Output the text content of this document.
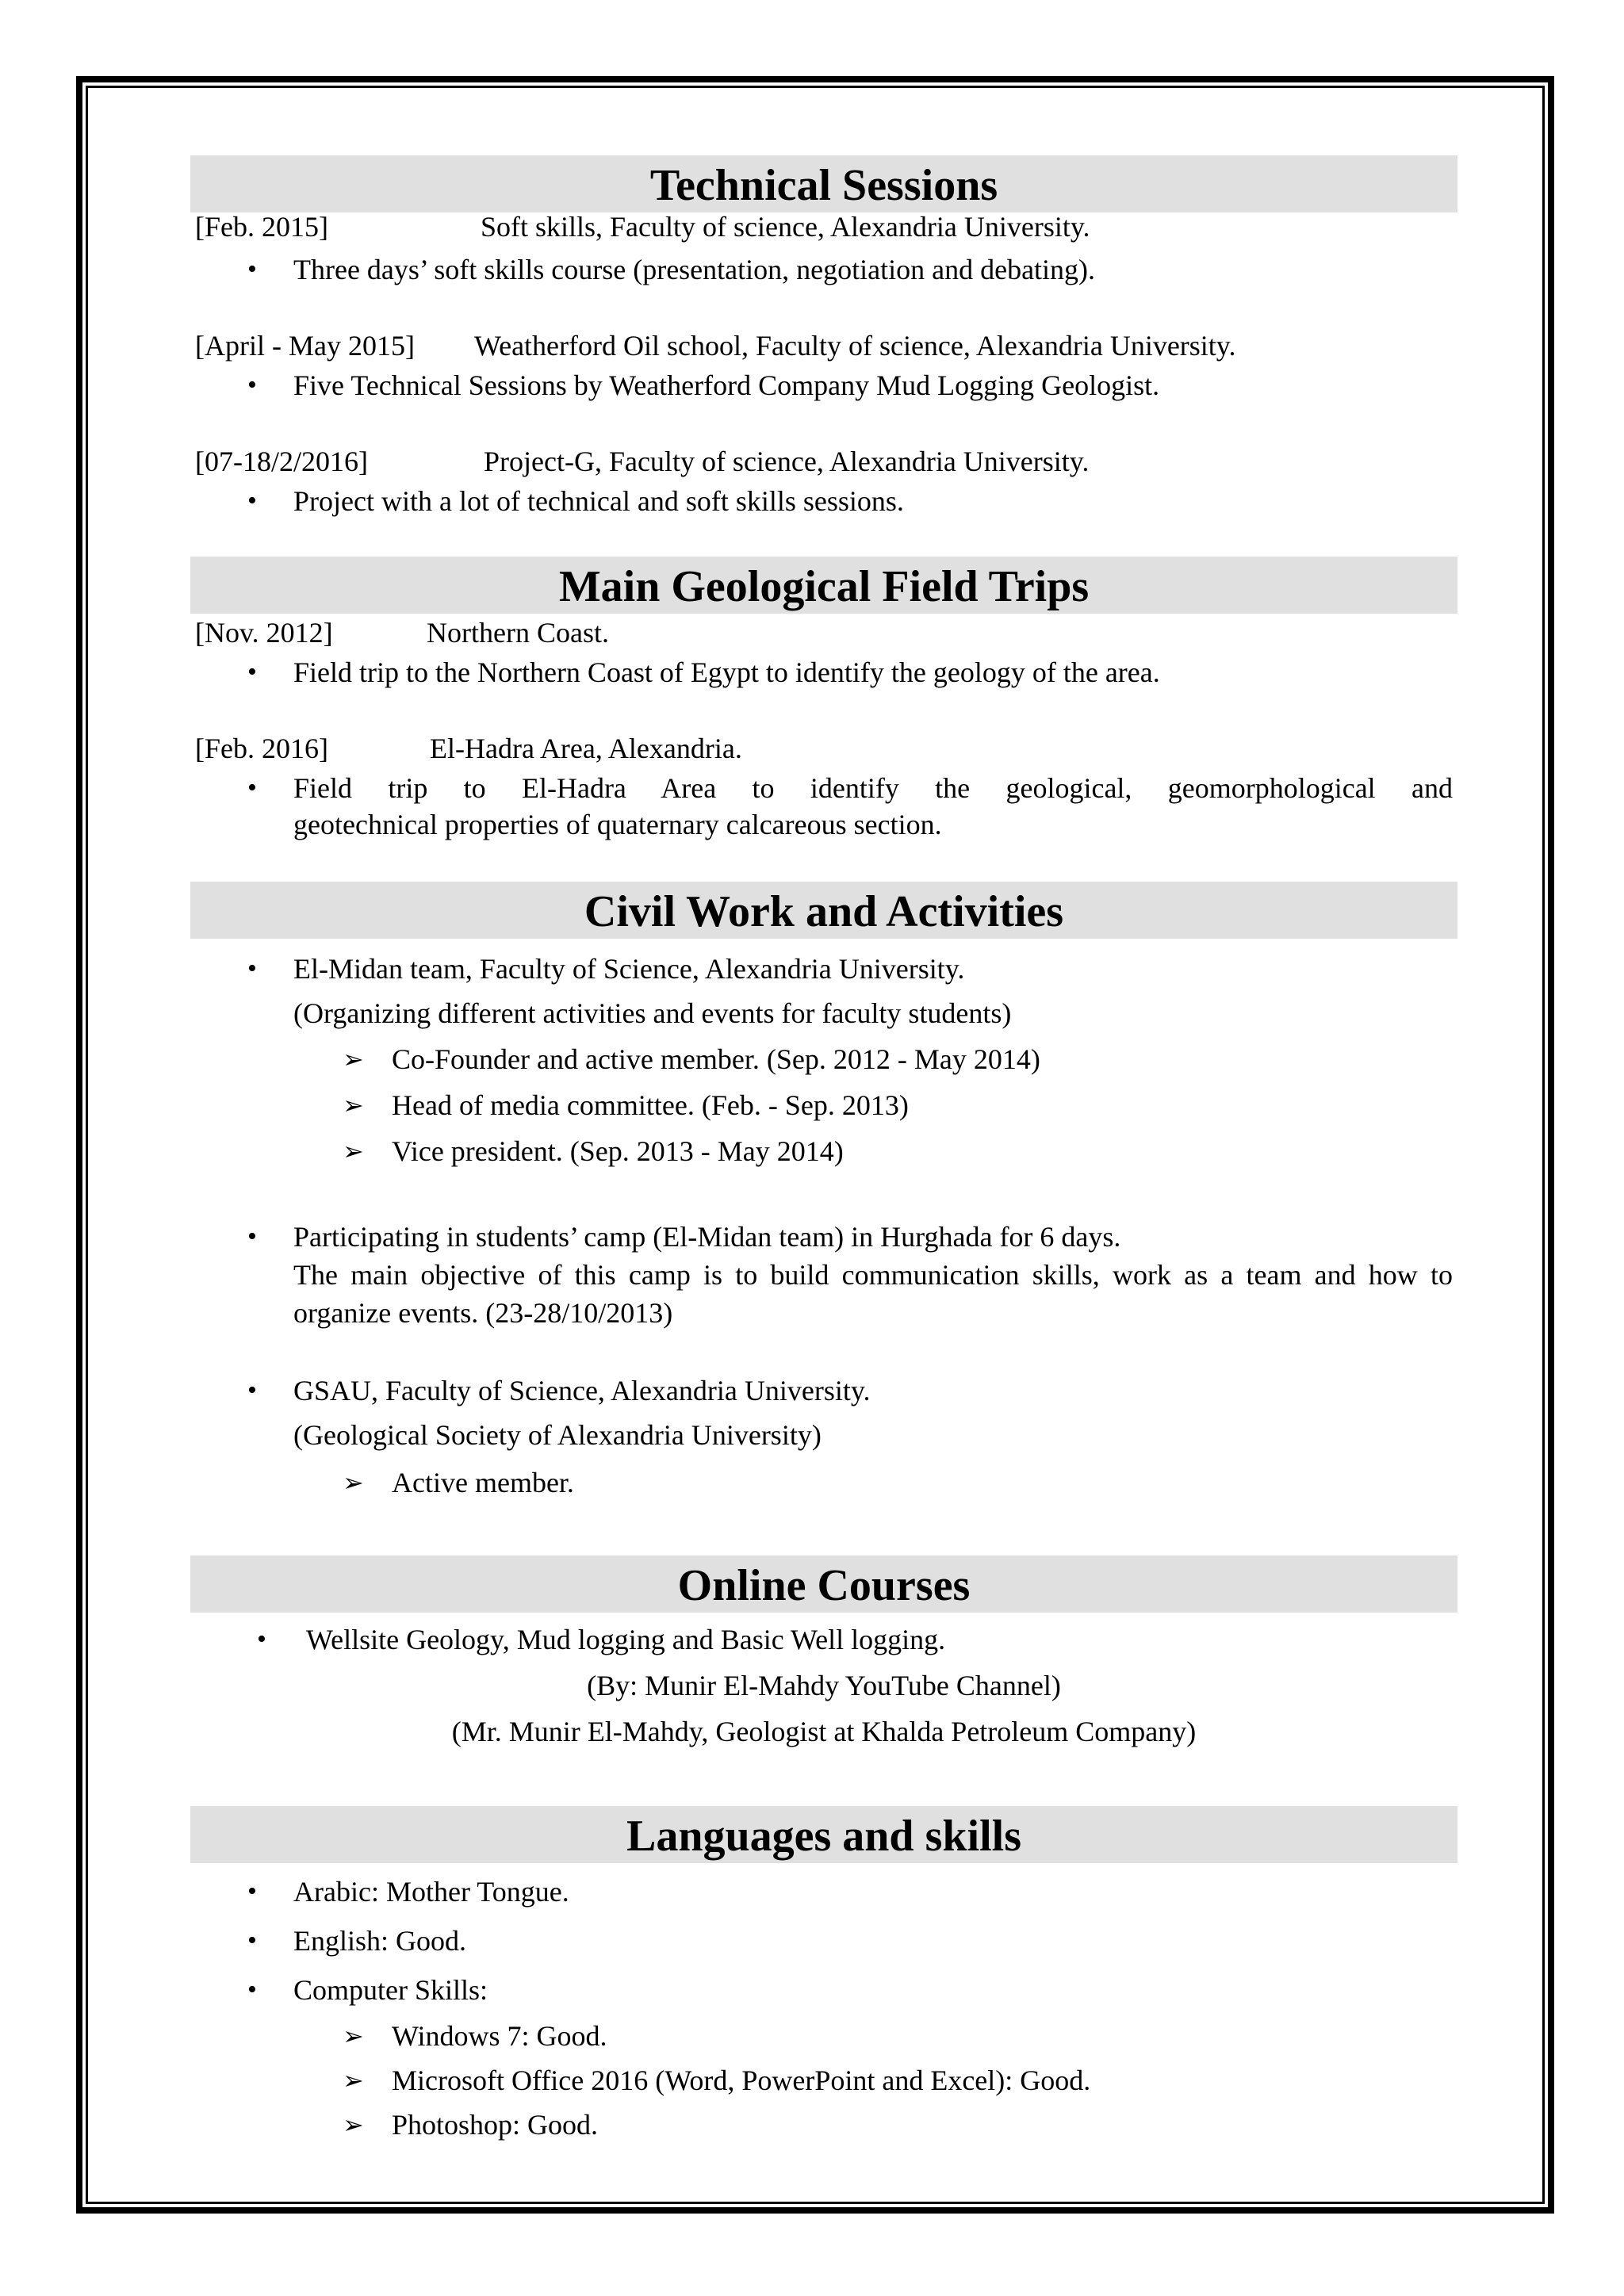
Technical Sessions
[Feb. 2015]	Soft skills, Faculty of science, Alexandria University.
• Three days’ soft skills course (presentation, negotiation and debating).
[April - May 2015] Weatherford Oil school, Faculty of science, Alexandria University.
• Five Technical Sessions by Weatherford Company Mud Logging Geologist.
[07-18/2/2016]	Project-G, Faculty of science, Alexandria University.
• Project with a lot of technical and soft skills sessions.
Main Geological Field Trips
[Nov. 2012]	Northern Coast.
• Field trip to the Northern Coast of Egypt to identify the geology of the area.
[Feb. 2016]	El-Hadra Area, Alexandria.
• Field trip to El-Hadra Area to identify the geological, geomorphological and
geotechnical properties of quaternary calcareous section.
Civil Work and Activities
• El-Midan team, Faculty of Science, Alexandria University.
(Organizing different activities and events for faculty students)
➢ Co-Founder and active member. (Sep. 2012 - May 2014)
➢ Head of media committee. (Feb. - Sep. 2013)
➢ Vice president. (Sep. 2013 - May 2014)
• Participating in students’ camp (El-Midan team) in Hurghada for 6 days.
The main objective of this camp is to build communication skills, work as a team and how to
organize events. (23-28/10/2013)
• GSAU, Faculty of Science, Alexandria University.
(Geological Society of Alexandria University)
➢ Active member.
Online Courses
• Wellsite Geology, Mud logging and Basic Well logging.
(By: Munir El-Mahdy YouTube Channel)
(Mr. Munir El-Mahdy, Geologist at Khalda Petroleum Company)
Languages and skills
• Arabic: Mother Tongue.
• English: Good.
• Computer Skills:
➢ Windows 7: Good.
➢ Microsoft Office 2016 (Word, PowerPoint and Excel): Good.
➢ Photoshop: Good.
